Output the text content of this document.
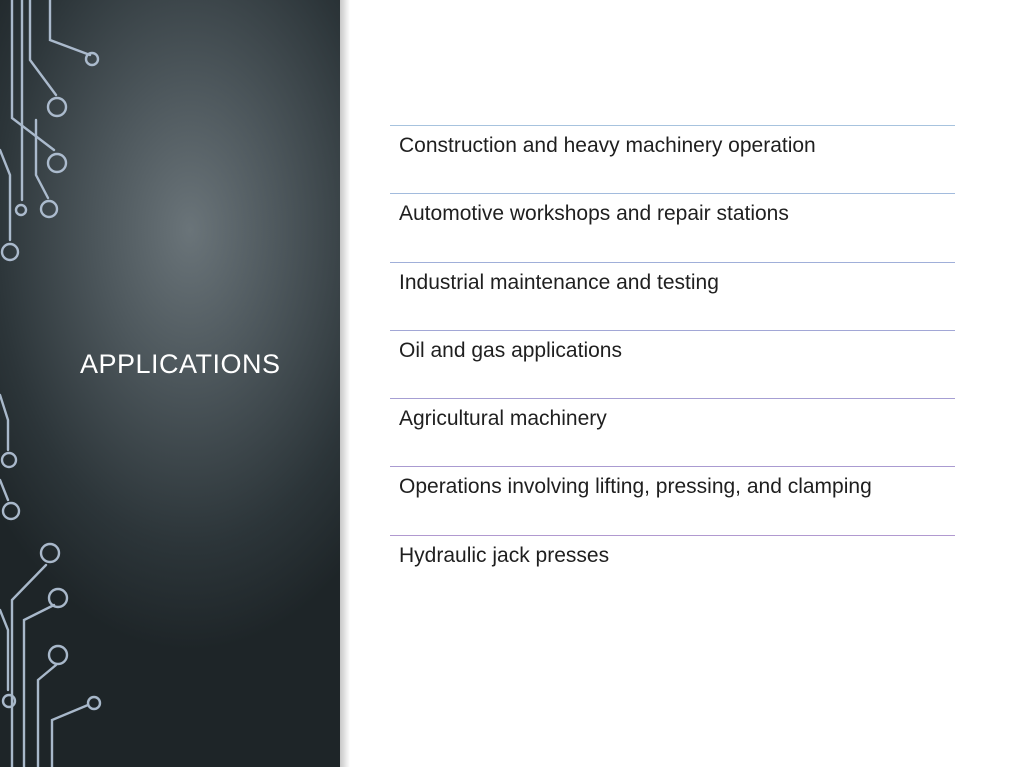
APPLICATIONS
Construction and heavy machinery operation
Automotive workshops and repair stations
Industrial maintenance and testing
Oil and gas applications
Agricultural machinery
Operations involving lifting, pressing, and clamping
Hydraulic jack presses
